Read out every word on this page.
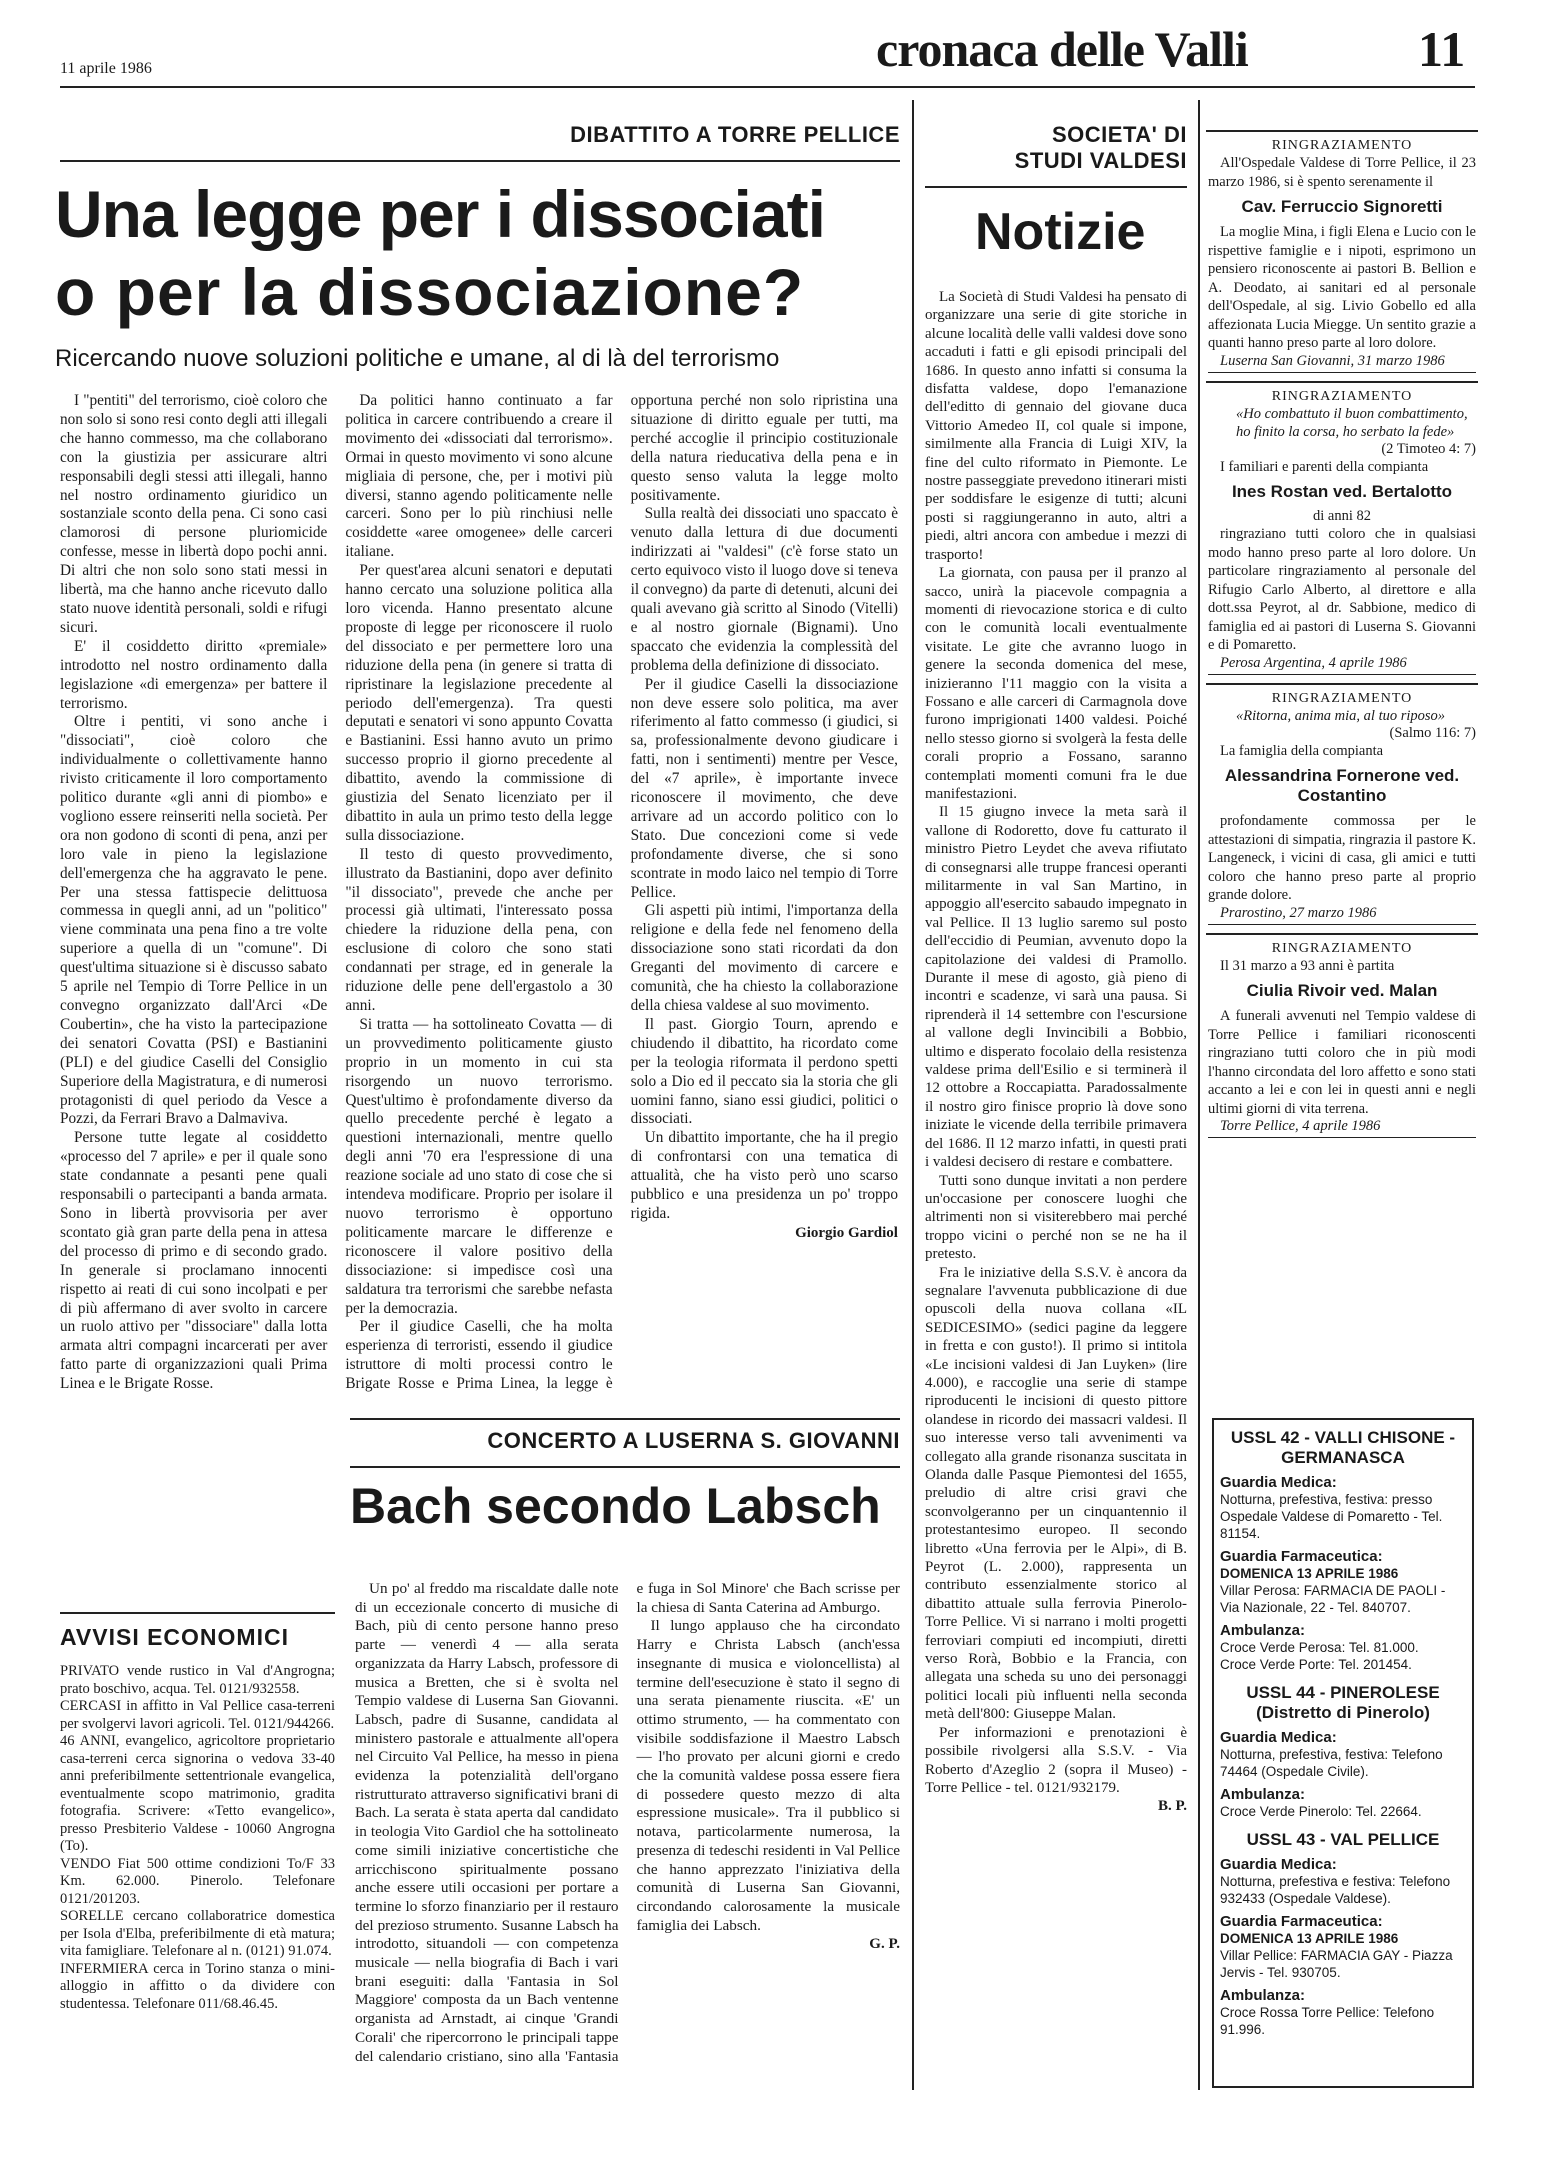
11 aprile 1986	cronaca delle Valli	11
DIBATTITO A TORRE PELLICE
Una legge per i dissociati
o per la dissociazione?
Ricercando nuove soluzioni politiche e umane, al di là del terrorismo

I "pentiti" del terrorismo, cioè coloro che non solo si sono resi conto degli atti illegali che hanno commesso, ma che collaborano con la giustizia per assicurare altri responsabili degli stessi atti illegali, hanno nel nostro ordinamento giuridico un sostanziale sconto della pena. Ci sono casi clamorosi di persone pluriomicide confesse, messe in libertà dopo pochi anni. Di altri che non solo sono stati messi in libertà, ma che hanno anche ricevuto dallo stato nuove identità personali, soldi e rifugi sicuri.

E' il cosiddetto diritto «premiale» introdotto nel nostro ordinamento dalla legislazione «di emergenza» per battere il terrorismo.

Oltre i pentiti, vi sono anche i "dissociati", cioè coloro che individualmente o collettivamente hanno rivisto criticamente il loro comportamento politico durante «gli anni di piombo» e vogliono essere reinseriti nella società. Per ora non godono di sconti di pena, anzi per loro vale in pieno la legislazione dell'emergenza che ha aggravato le pene. Per una stessa fattispecie delittuosa commessa in quegli anni, ad un "politico" viene comminata una pena fino a tre volte superiore a quella di un "comune". Di quest'ultima situazione si è discusso sabato 5 aprile nel Tempio di Torre Pellice in un convegno organizzato dall'Arci «De Coubertin», che ha visto la partecipazione dei senatori Covatta (PSI) e Bastianini (PLI) e del giudice Caselli del Consiglio Superiore della Magistratura, e di numerosi protagonisti di quel periodo da Vesce a Pozzi, da Ferrari Bravo a Dalmaviva.

Persone tutte legate al cosiddetto «processo del 7 aprile» e per il quale sono state condannate a pesanti pene quali responsabili o partecipanti a banda armata. Sono in libertà provvisoria per aver scontato già gran parte della pena in attesa del processo di primo e di secondo grado. In generale si proclamano innocenti rispetto ai reati di cui sono incolpati e per di più affermano di aver svolto in carcere un ruolo attivo per "dissociare" dalla lotta armata altri compagni incarcerati per aver fatto parte di organizzazioni quali Prima Linea e le Brigate Rosse.

Da politici hanno continuato a far politica in carcere contribuendo a creare il movimento dei «dissociati dal terrorismo». Ormai in questo movimento vi sono alcune migliaia di persone, che, per i motivi più diversi, stanno agendo politicamente nelle carceri. Sono per lo più rinchiusi nelle cosiddette «aree omogenee» delle carceri italiane.

Per quest'area alcuni senatori e deputati hanno cercato una soluzione politica alla loro vicenda. Hanno presentato alcune proposte di legge per riconoscere il ruolo del dissociato e per permettere loro una riduzione della pena (in genere si tratta di ripristinare la legislazione precedente al periodo dell'emergenza). Tra questi deputati e senatori vi sono appunto Covatta e Bastianini. Essi hanno avuto un primo successo proprio il giorno precedente al dibattito, avendo la commissione di giustizia del Senato licenziato per il dibattito in aula un primo testo della legge sulla dissociazione.

Il testo di questo provvedimento, illustrato da Bastianini, dopo aver definito "il dissociato", prevede che anche per processi già ultimati, l'interessato possa chiedere la riduzione della pena, con esclusione di coloro che sono stati condannati per strage, ed in generale la riduzione delle pene dell'ergastolo a 30 anni.

Si tratta — ha sottolineato Covatta — di un provvedimento politicamente giusto proprio in un momento in cui sta risorgendo un nuovo terrorismo. Quest'ultimo è profondamente diverso da quello precedente perché è legato a questioni internazionali, mentre quello degli anni '70 era l'espressione di una reazione sociale ad uno stato di cose che si intendeva modificare. Proprio per isolare il nuovo terrorismo è opportuno politicamente marcare le differenze e riconoscere il valore positivo della dissociazione: si impedisce così una saldatura tra terrorismi che sarebbe nefasta per la democrazia.

Per il giudice Caselli, che ha molta esperienza di terroristi, essendo il giudice istruttore di molti processi contro le Brigate Rosse e Prima Linea, la legge è opportuna perché non solo ripristina una situazione di diritto eguale per tutti, ma perché accoglie il principio costituzionale della natura rieducativa della pena e in questo senso valuta la legge molto positivamente.

Sulla realtà dei dissociati uno spaccato è venuto dalla lettura di due documenti indirizzati ai "valdesi" (c'è forse stato un certo equivoco visto il luogo dove si teneva il convegno) da parte di detenuti, alcuni dei quali avevano già scritto al Sinodo (Vitelli) e al nostro giornale (Bignami). Uno spaccato che evidenzia la complessità del problema della definizione di dissociato.

Per il giudice Caselli la dissociazione non deve essere solo politica, ma aver riferimento al fatto commesso (i giudici, si sa, professionalmente devono giudicare i fatti, non i sentimenti) mentre per Vesce, del «7 aprile», è importante invece riconoscere il movimento, che deve arrivare ad un accordo politico con lo Stato. Due concezioni come si vede profondamente diverse, che si sono scontrate in modo laico nel tempio di Torre Pellice.

Gli aspetti più intimi, l'importanza della religione e della fede nel fenomeno della dissociazione sono stati ricordati da don Greganti del movimento di carcere e comunità, che ha chiesto la collaborazione della chiesa valdese al suo movimento.

Il past. Giorgio Tourn, aprendo e chiudendo il dibattito, ha ricordato come per la teologia riformata il perdono spetti solo a Dio ed il peccato sia la storia che gli uomini fanno, siano essi giudici, politici o dissociati.

Un dibattito importante, che ha il pregio di confrontarsi con una tematica di attualità, che ha visto però uno scarso pubblico e una presidenza un po' troppo rigida.

Giorgio Gardiol
AVVISI ECONOMICI

PRIVATO vende rustico in Val d'Angrogna; prato boschivo, acqua. Tel. 0121/932558.

CERCASI in affitto in Val Pellice casa-terreni per svolgervi lavori agricoli. Tel. 0121/944266.

46 ANNI, evangelico, agricoltore proprietario casa-terreni cerca signorina o vedova 33-40 anni preferibilmente settentrionale evangelica, eventualmente scopo matrimonio, gradita fotografia. Scrivere: «Tetto evangelico», presso Presbiterio Valdese - 10060 Angrogna (To).

VENDO Fiat 500 ottime condizioni To/F 33 Km. 62.000. Pinerolo. Telefonare 0121/201203.

SORELLE cercano collaboratrice domestica per Isola d'Elba, preferibilmente di età matura; vita famigliare. Telefonare al n. (0121) 91.074.

INFERMIERA cerca in Torino stanza o mini-alloggio in affitto o da dividere con studentessa. Telefonare 011/68.46.45.

CONCERTO A LUSERNA S. GIOVANNI
Bach secondo Labsch

Un po' al freddo ma riscaldate dalle note di un eccezionale concerto di musiche di Bach, più di cento persone hanno preso parte — venerdì 4 — alla serata organizzata da Harry Labsch, professore di musica a Bretten, che si è svolta nel Tempio valdese di Luserna San Giovanni. Labsch, padre di Susanne, candidata al ministero pastorale e attualmente all'opera nel Circuito Val Pellice, ha messo in piena evidenza la potenzialità dell'organo ristrutturato attraverso significativi brani di Bach. La serata è stata aperta dal candidato in teologia Vito Gardiol che ha sottolineato come simili iniziative concertistiche che arricchiscono spiritualmente possano anche essere utili occasioni per portare a termine lo sforzo finanziario per il restauro del prezioso strumento. Susanne Labsch ha introdotto, situandoli — con competenza musicale — nella biografia di Bach i vari brani eseguiti: dalla 'Fantasia in Sol Maggiore' composta da un Bach ventenne organista ad Arnstadt, ai cinque 'Grandi Corali' che ripercorrono le principali tappe del calendario cristiano, sino alla 'Fantasia e fuga in Sol Minore' che Bach scrisse per la chiesa di Santa Caterina ad Amburgo.

Il lungo applauso che ha circondato Harry e Christa Labsch (anch'essa insegnante di musica e violoncellista) al termine dell'esecuzione è stato il segno di una serata pienamente riuscita. «E' un ottimo strumento, — ha commentato con visibile soddisfazione il Maestro Labsch — l'ho provato per alcuni giorni e credo che la comunità valdese possa essere fiera di possedere questo mezzo di alta espressione musicale». Tra il pubblico si notava, particolarmente numerosa, la presenza di tedeschi residenti in Val Pellice che hanno apprezzato l'iniziativa della comunità di Luserna San Giovanni, circondando calorosamente la musicale famiglia dei Labsch.

G. P.
SOCIETA' DI
STUDI VALDESI
Notizie

La Società di Studi Valdesi ha pensato di organizzare una serie di gite storiche in alcune località delle valli valdesi dove sono accaduti i fatti e gli episodi principali del 1686. In questo anno infatti si consuma la disfatta valdese, dopo l'emanazione dell'editto di gennaio del giovane duca Vittorio Amedeo II, col quale si impone, similmente alla Francia di Luigi XIV, la fine del culto riformato in Piemonte. Le nostre passeggiate prevedono itinerari misti per soddisfare le esigenze di tutti; alcuni posti si raggiungeranno in auto, altri a piedi, altri ancora con ambedue i mezzi di trasporto!

La giornata, con pausa per il pranzo al sacco, unirà la piacevole compagnia a momenti di rievocazione storica e di culto con le comunità locali eventualmente visitate. Le gite che avranno luogo in genere la seconda domenica del mese, inizieranno l'11 maggio con la visita a Fossano e alle carceri di Carmagnola dove furono imprigionati 1400 valdesi. Poiché nello stesso giorno si svolgerà la festa delle corali proprio a Fossano, saranno contemplati momenti comuni fra le due manifestazioni.

Il 15 giugno invece la meta sarà il vallone di Rodoretto, dove fu catturato il ministro Pietro Leydet che aveva rifiutato di consegnarsi alle truppe francesi operanti militarmente in val San Martino, in appoggio all'esercito sabaudo impegnato in val Pellice. Il 13 luglio saremo sul posto dell'eccidio di Peumian, avvenuto dopo la capitolazione dei valdesi di Pramollo. Durante il mese di agosto, già pieno di incontri e scadenze, vi sarà una pausa. Si riprenderà il 14 settembre con l'escursione al vallone degli Invincibili a Bobbio, ultimo e disperato focolaio della resistenza valdese prima dell'Esilio e si terminerà il 12 ottobre a Roccapiatta. Paradossalmente il nostro giro finisce proprio là dove sono iniziate le vicende della terribile primavera del 1686. Il 12 marzo infatti, in questi prati i valdesi decisero di restare e combattere.

Tutti sono dunque invitati a non perdere un'occasione per conoscere luoghi che altrimenti non si visiterebbero mai perché troppo vicini o perché non se ne ha il pretesto.

Fra le iniziative della S.S.V. è ancora da segnalare l'avvenuta pubblicazione di due opuscoli della nuova collana «IL SEDICESIMO» (sedici pagine da leggere in fretta e con gusto!). Il primo si intitola «Le incisioni valdesi di Jan Luyken» (lire 4.000), e raccoglie una serie di stampe riproducenti le incisioni di questo pittore olandese in ricordo dei massacri valdesi. Il suo interesse verso tali avvenimenti va collegato alla grande risonanza suscitata in Olanda dalle Pasque Piemontesi del 1655, preludio di altre crisi gravi che sconvolgeranno per un cinquantennio il protestantesimo europeo. Il secondo libretto «Una ferrovia per le Alpi», di B. Peyrot (L. 2.000), rappresenta un contributo essenzialmente storico al dibattito attuale sulla ferrovia Pinerolo-Torre Pellice. Vi si narrano i molti progetti ferroviari compiuti ed incompiuti, diretti verso Rorà, Bobbio e la Francia, con allegata una scheda su uno dei personaggi politici locali più influenti nella seconda metà dell'800: Giuseppe Malan.

Per informazioni e prenotazioni è possibile rivolgersi alla S.S.V. - Via Roberto d'Azeglio 2 (sopra il Museo) - Torre Pellice - tel. 0121/932179.

B. P.
RINGRAZIAMENTO

All'Ospedale Valdese di Torre Pellice, il 23 marzo 1986, si è spento serenamente il

Cav. Ferruccio Signoretti

La moglie Mina, i figli Elena e Lucio con le rispettive famiglie e i nipoti, esprimono un pensiero riconoscente ai pastori B. Bellion e A. Deodato, ai sanitari ed al personale dell'Ospedale, al sig. Livio Gobello ed alla affezionata Lucia Miegge. Un sentito grazie a quanti hanno preso parte al loro dolore.

Luserna San Giovanni, 31 marzo 1986
RINGRAZIAMENTO
«Ho combattuto il buon combattimento, ho finito la corsa, ho serbato la fede»
(2 Timoteo 4: 7)

I familiari e parenti della compianta

Ines Rostan ved. Bertalotto
di anni 82

ringraziano tutti coloro che in qualsiasi modo hanno preso parte al loro dolore. Un particolare ringraziamento al personale del Rifugio Carlo Alberto, al direttore e alla dott.ssa Peyrot, al dr. Sabbione, medico di famiglia ed ai pastori di Luserna S. Giovanni e di Pomaretto.

Perosa Argentina, 4 aprile 1986
RINGRAZIAMENTO
«Ritorna, anima mia, al tuo riposo»
(Salmo 116: 7)

La famiglia della compianta

Alessandrina Fornerone ved. Costantino

profondamente commossa per le attestazioni di simpatia, ringrazia il pastore K. Langeneck, i vicini di casa, gli amici e tutti coloro che hanno preso parte al proprio grande dolore.

Prarostino, 27 marzo 1986
RINGRAZIAMENTO

Il 31 marzo a 93 anni è partita

Ciulia Rivoir ved. Malan

A funerali avvenuti nel Tempio valdese di Torre Pellice i familiari riconoscenti ringraziano tutti coloro che in più modi l'hanno circondata del loro affetto e sono stati accanto a lei e con lei in questi anni e negli ultimi giorni di vita terrena.

Torre Pellice, 4 aprile 1986
USSL 42 - VALLI CHISONE - GERMANASCA
Guardia Medica:
Notturna, prefestiva, festiva: presso Ospedale Valdese di Pomaretto - Tel. 81154.
Guardia Farmaceutica:
DOMENICA 13 APRILE 1986
Villar Perosa: FARMACIA DE PAOLI - Via Nazionale, 22 - Tel. 840707.
Ambulanza:
Croce Verde Perosa: Tel. 81.000.
Croce Verde Porte: Tel. 201454.
USSL 44 - PINEROLESE (Distretto di Pinerolo)
Guardia Medica:
Notturna, prefestiva, festiva: Telefono 74464 (Ospedale Civile).
Ambulanza:
Croce Verde Pinerolo: Tel. 22664.
USSL 43 - VAL PELLICE
Guardia Medica:
Notturna, prefestiva e festiva: Telefono 932433 (Ospedale Valdese).
Guardia Farmaceutica:
DOMENICA 13 APRILE 1986
Villar Pellice: FARMACIA GAY - Piazza Jervis - Tel. 930705.
Ambulanza:
Croce Rossa Torre Pellice: Telefono 91.996.
